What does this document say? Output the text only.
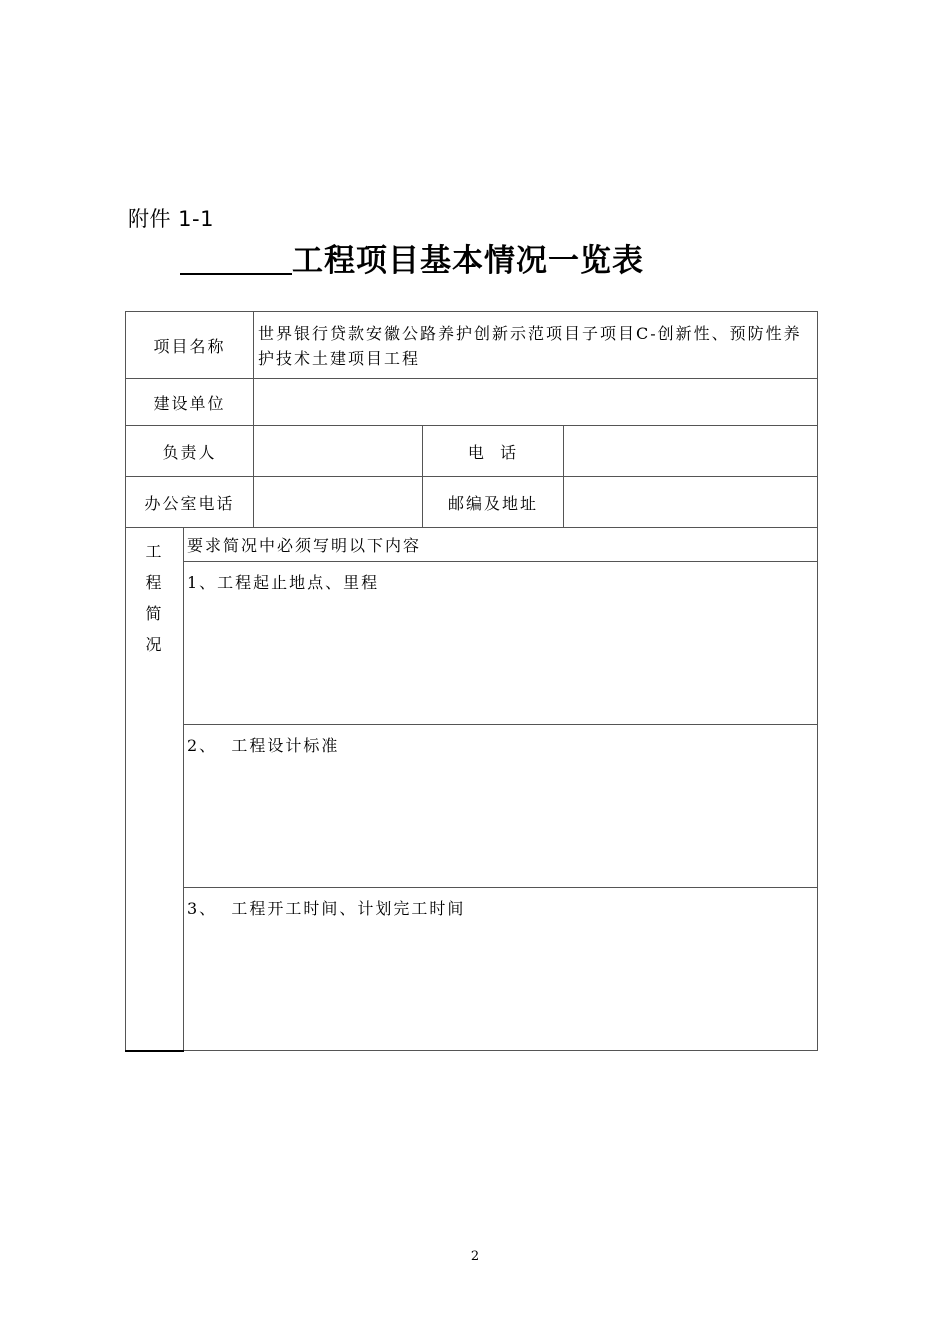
附件 1-1
工程项目基本情况一览表
项目名称		世界银行贷款安徽公路养护创新示范项目子项目C-创新性、预防性养护技术土建项目工程		
建设单位				
负责人			电  话	
办公室电话			邮编及地址	

工
程
简
况	要求简况中必须写明以下内容			
	1、工程起止地点、里程			
	2、  工程设计标准			
	3、  工程开工时间、计划完工时间			
2
